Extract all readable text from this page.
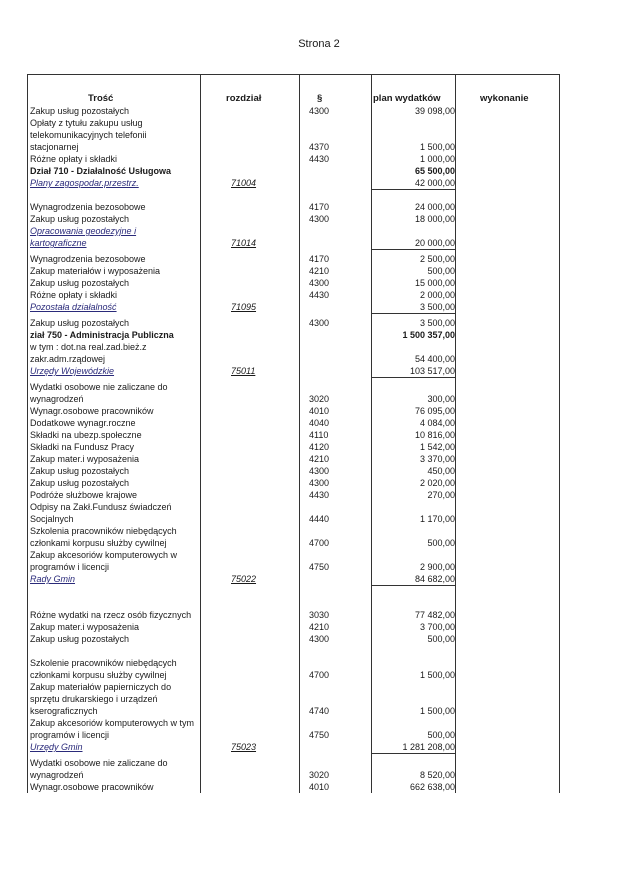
Strona 2
Trość	rozdział	§	plan wydatków	wykonanie
Zakup usług pozostałych	4300	39 098,00
Opłaty z tytułu zakupu usług
telekomunikacyjnych telefonii
stacjonarnej	4370	1 500,00
Różne opłaty i składki	4430	1 000,00
Dział 710 - Działalność Usługowa	65 500,00
Plany zagospodar.przestrz.	71004	42 000,00
Wynagrodzenia bezosobowe	4170	24 000,00
Zakup usług pozostałych	4300	18 000,00
Opracowania geodezyjne i
kartograficzne	71014	20 000,00
Wynagrodzenia bezosobowe	4170	2 500,00
Zakup materiałów i wyposażenia	4210	500,00
Zakup usług pozostałych	4300	15 000,00
Różne opłaty i składki	4430	2 000,00
Pozostała działalność	71095	3 500,00
Zakup usług pozostałych	4300	3 500,00
ział 750 - Administracja Publiczna	1 500 357,00
w tym : dot.na real.zad.bież.z
zakr.adm.rządowej	54 400,00
Urzędy Wojewódzkie	75011	103 517,00
Wydatki osobowe nie zaliczane do
wynagrodzeń	3020	300,00
Wynagr.osobowe pracowników	4010	76 095,00
Dodatkowe wynagr.roczne	4040	4 084,00
Składki na ubezp.społeczne	4110	10 816,00
Składki na Fundusz Pracy	4120	1 542,00
Zakup mater.i wyposażenia	4210	3 370,00
Zakup usług pozostałych	4300	450,00
Zakup usług pozostałych	4300	2 020,00
Podróże służbowe krajowe	4430	270,00
Odpisy na Zakł.Fundusz świadczeń
Socjalnych	4440	1 170,00
Szkolenia pracowników niebędących
członkami korpusu służby cywilnej	4700	500,00
Zakup akcesoriów komputerowych w
programów i licencji	4750	2 900,00
Rady Gmin	75022	84 682,00
Różne wydatki na rzecz osób fizycznych	3030	77 482,00
Zakup mater.i wyposażenia	4210	3 700,00
Zakup usług pozostałych	4300	500,00
Szkolenie pracowników niebędących
członkami korpusu służby cywilnej	4700	1 500,00
Zakup materiałów papierniczych do
sprzętu drukarskiego i urządzeń
kserograficznych	4740	1 500,00
Zakup akcesoriów komputerowych w tym
programów i licencji	4750	500,00
Urzędy Gmin	75023	1 281 208,00
Wydatki osobowe nie zaliczane do
wynagrodzeń	3020	8 520,00
Wynagr.osobowe pracowników	4010	662 638,00
